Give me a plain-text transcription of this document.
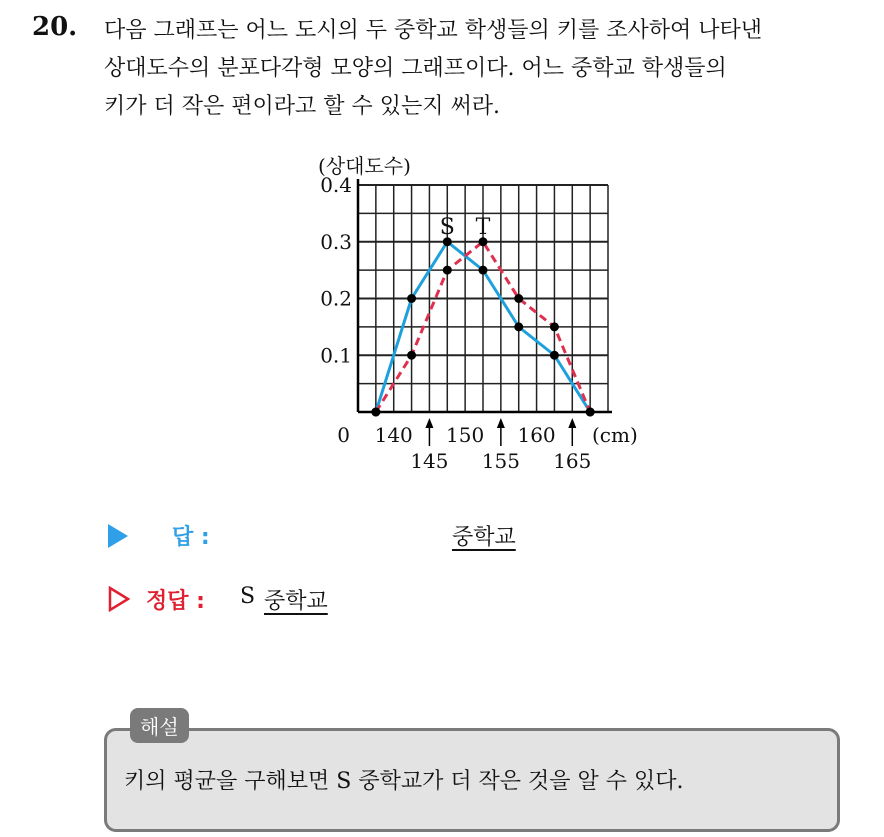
20. 다음 그래프는 어느 도시의 두 중학교 학생들의 키를 조사하여 나타낸
상대도수의 분포다각형 모양의 그래프이다. 어느 중학교 학생들의
키가 더 작은 편이라고 할 수 있는지 써라.

S T
(상대도수)
0.1
0.2
0.3
0.4
0 140 150 160
145 155 165
(cm)
답 :	중학교
정답 : S 중학교
해설
키의 평균을 구해보면 S 중학교가 더 작은 것을 알 수 있다.
